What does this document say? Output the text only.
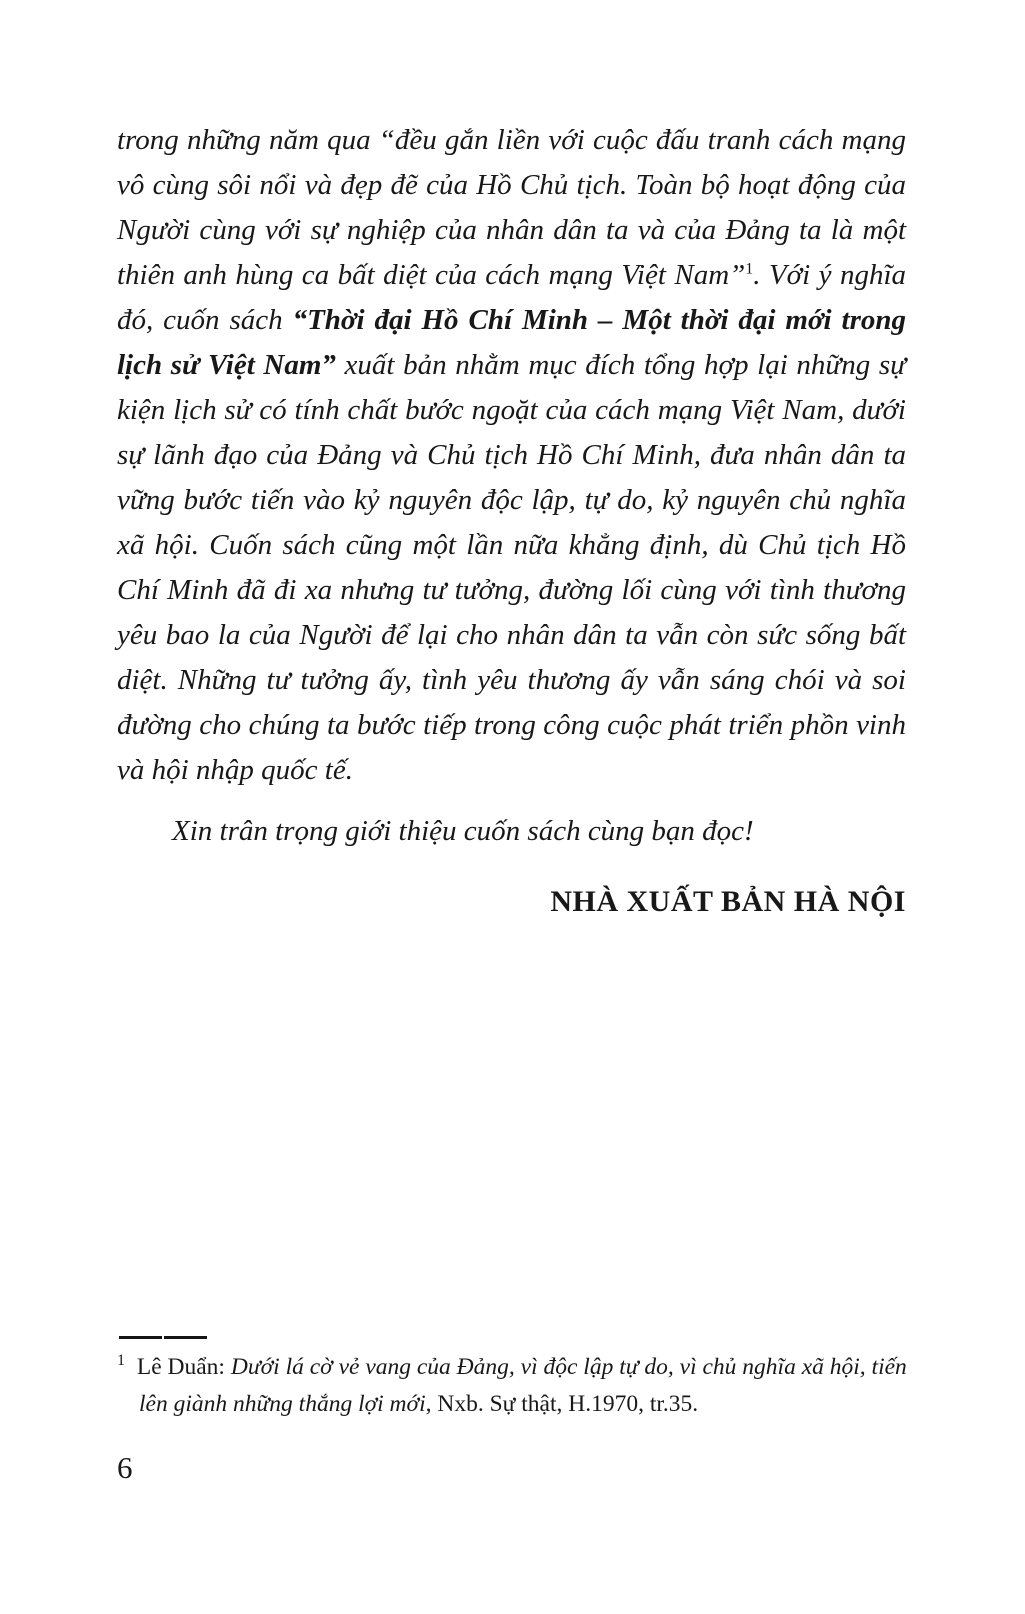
trong những năm qua “đều gắn liền với cuộc đấu tranh cách mạng vô cùng sôi nổi và đẹp đẽ của Hồ Chủ tịch. Toàn bộ hoạt động của Người cùng với sự nghiệp của nhân dân ta và của Đảng ta là một thiên anh hùng ca bất diệt của cách mạng Việt Nam”$^1$. Với ý nghĩa đó, cuốn sách “Thời đại Hồ Chí Minh – Một thời đại mới trong lịch sử Việt Nam” xuất bản nhằm mục đích tổng hợp lại những sự kiện lịch sử có tính chất bước ngoặt của cách mạng Việt Nam, dưới sự lãnh đạo của Đảng và Chủ tịch Hồ Chí Minh, đưa nhân dân ta vững bước tiến vào kỷ nguyên độc lập, tự do, kỷ nguyên chủ nghĩa xã hội. Cuốn sách cũng một lần nữa khẳng định, dù Chủ tịch Hồ Chí Minh đã đi xa nhưng tư tưởng, đường lối cùng với tình thương yêu bao la của Người để lại cho nhân dân ta vẫn còn sức sống bất diệt. Những tư tưởng ấy, tình yêu thương ấy vẫn sáng chói và soi đường cho chúng ta bước tiếp trong công cuộc phát triển phồn vinh và hội nhập quốc tế.

Xin trân trọng giới thiệu cuốn sách cùng bạn đọc!

NHÀ XUẤT BẢN HÀ NỘI

$^1$ Lê Duẩn: Dưới lá cờ vẻ vang của Đảng, vì độc lập tự do, vì chủ nghĩa xã hội, tiến lên giành những thắng lợi mới, Nxb. Sự thật, H.1970, tr.35.

6
